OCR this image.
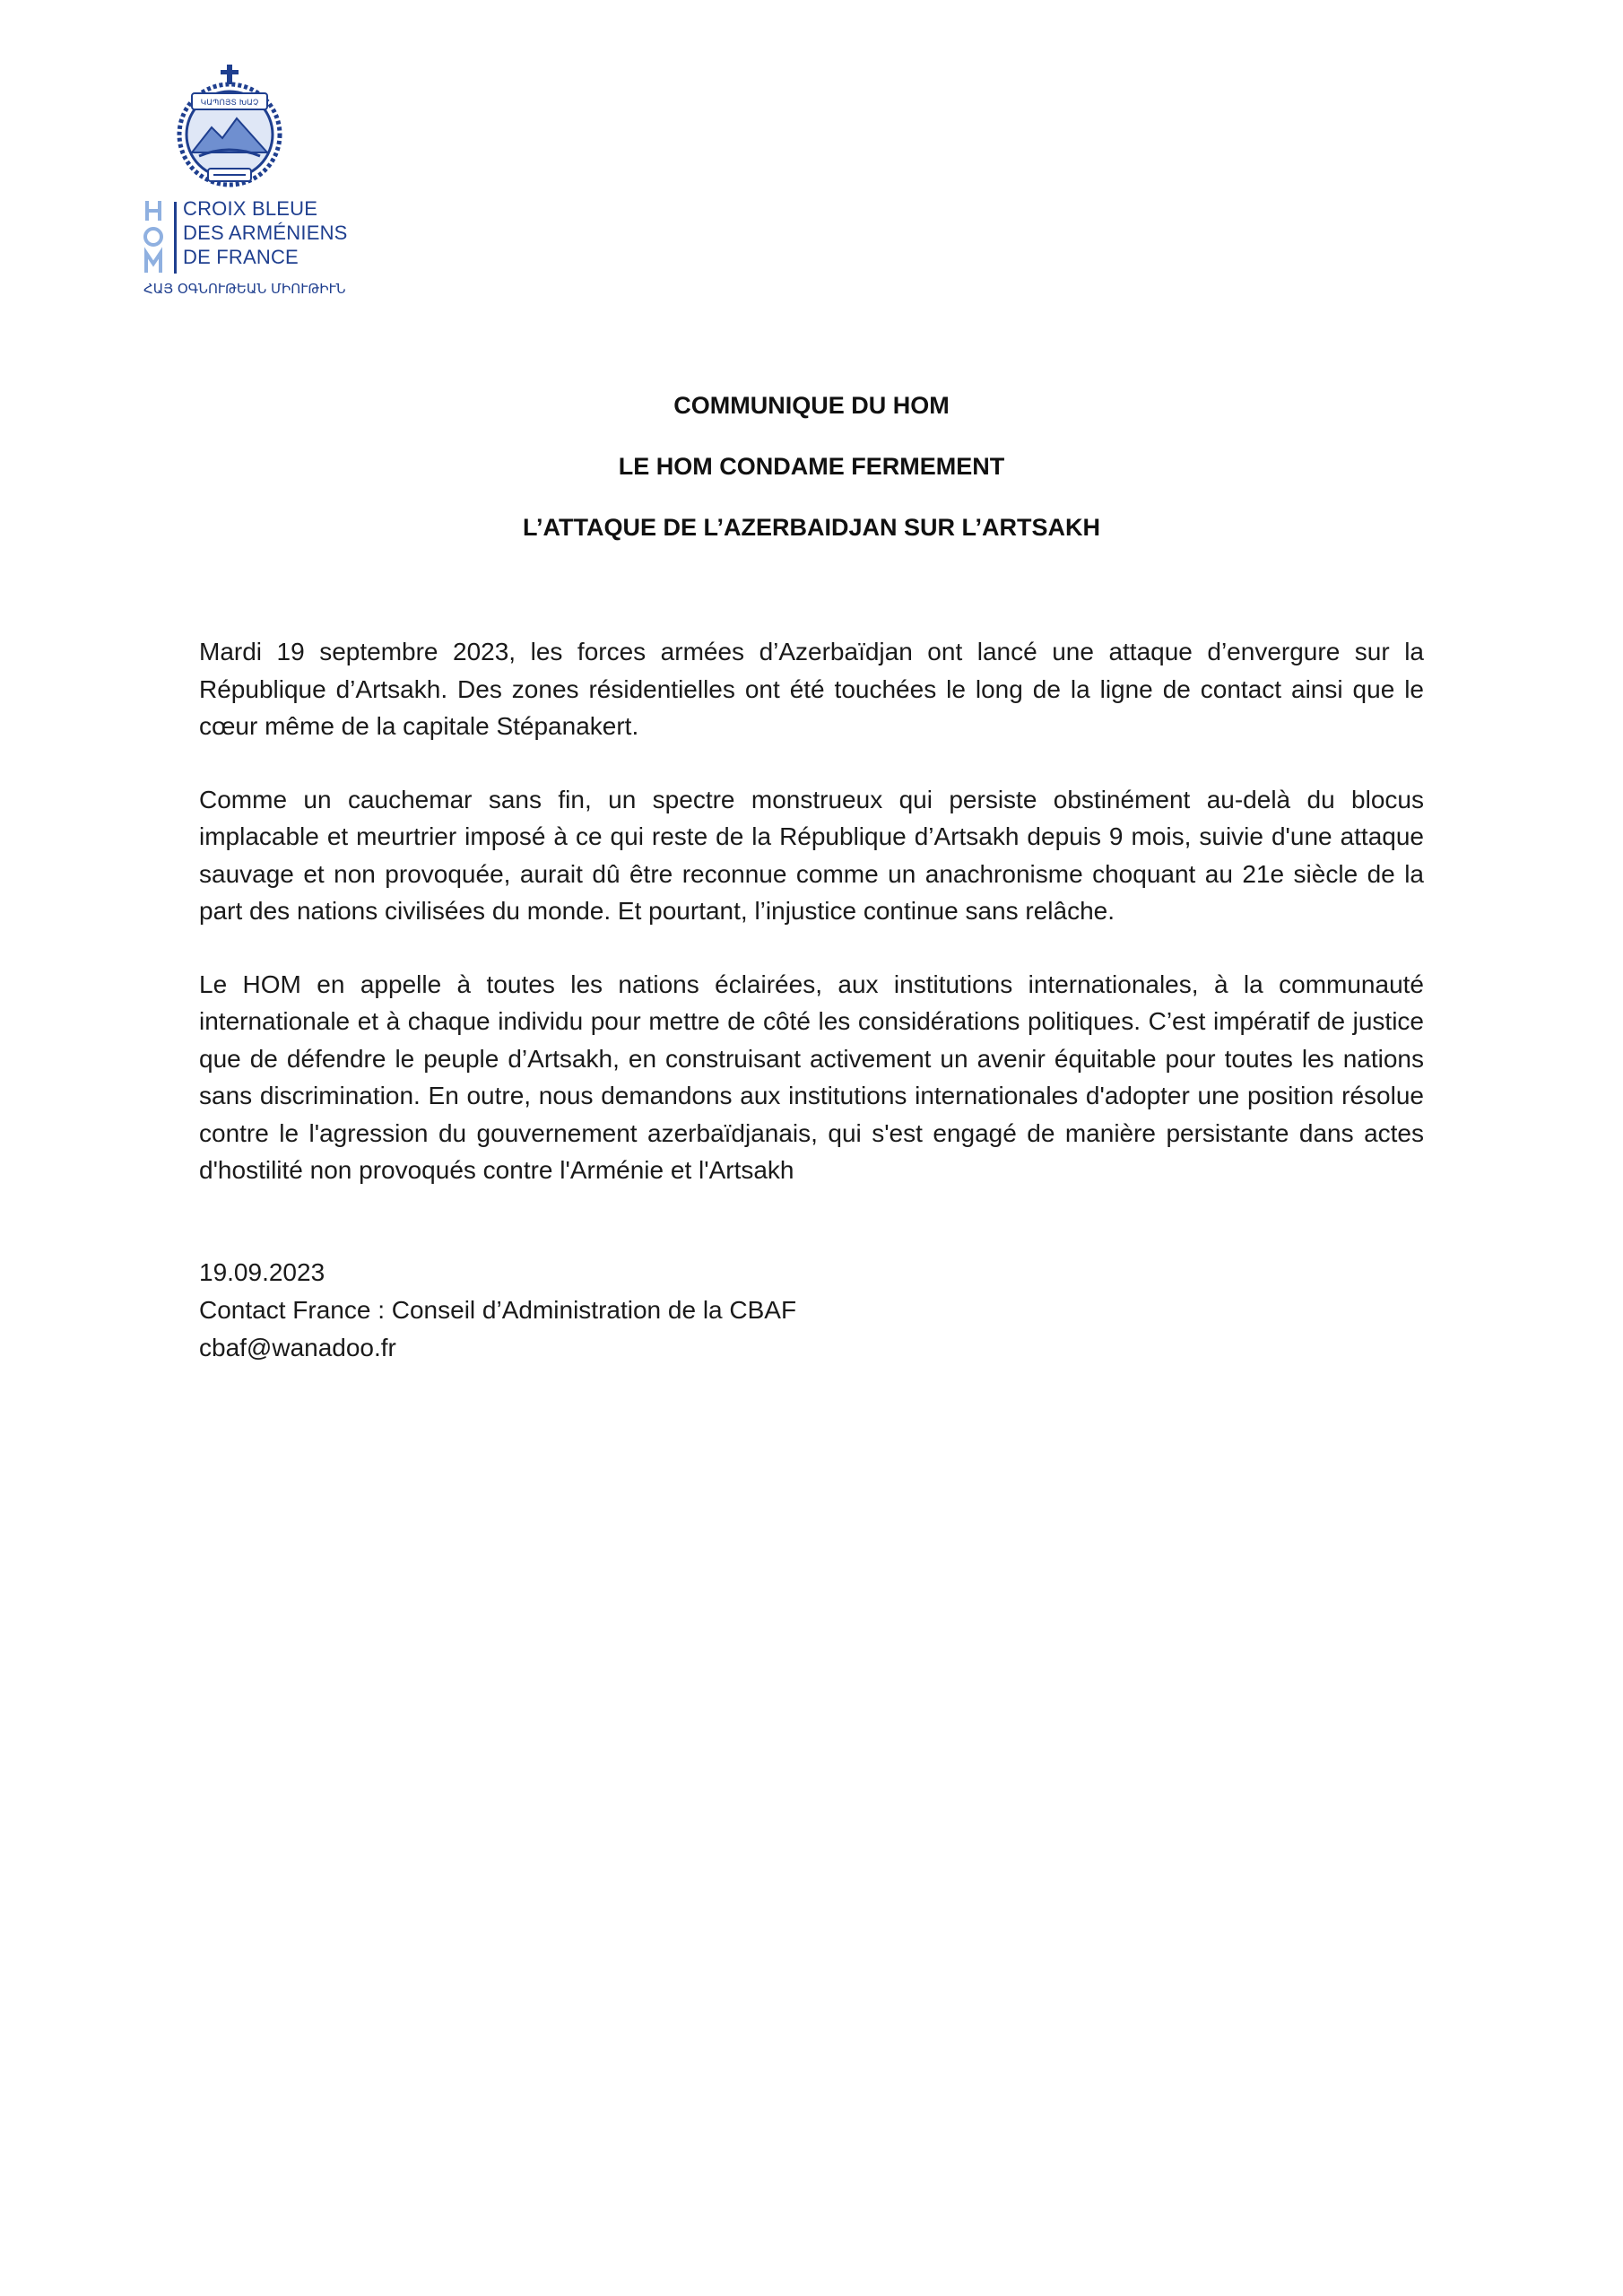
ԿԱՊՈՅՏ ԽԱՉ
CROIX BLEUE
DES ARMÉNIENS
DE FRANCE
ՀԱՅ ՕԳՆՈՒԹԵԱՆ ՄԻՈՒԹԻՒՆ
COMMUNIQUE DU HOM
LE HOM CONDAME FERMEMENT
L’ATTAQUE DE L’AZERBAIDJAN SUR L’ARTSAKH

Mardi 19 septembre 2023, les forces armées d’Azerbaïdjan ont lancé une attaque d’envergure sur la République d’Artsakh. Des zones résidentielles ont été touchées le long de la ligne de contact ainsi que le cœur même de la capitale Stépanakert.

Comme un cauchemar sans fin, un spectre monstrueux qui persiste obstinément au-delà du blocus implacable et meurtrier imposé à ce qui reste de la République d’Artsakh depuis 9 mois, suivie d'une attaque sauvage et non provoquée, aurait dû être reconnue comme un anachronisme choquant au 21e siècle de la part des nations civilisées du monde. Et pourtant, l’injustice continue sans relâche.

Le HOM en appelle à toutes les nations éclairées, aux institutions internationales, à la communauté internationale et à chaque individu pour mettre de côté les considérations politiques. C’est impératif de justice que de défendre le peuple d’Artsakh, en construisant activement un avenir équitable pour toutes les nations sans discrimination. En outre, nous demandons aux institutions internationales d'adopter une position résolue contre le l'agression du gouvernement azerbaïdjanais, qui s'est engagé de manière persistante dans actes d'hostilité non provoqués contre l'Arménie et l'Artsakh

19.09.2023
Contact France : Conseil d’Administration de la CBAF
cbaf@wanadoo.fr
